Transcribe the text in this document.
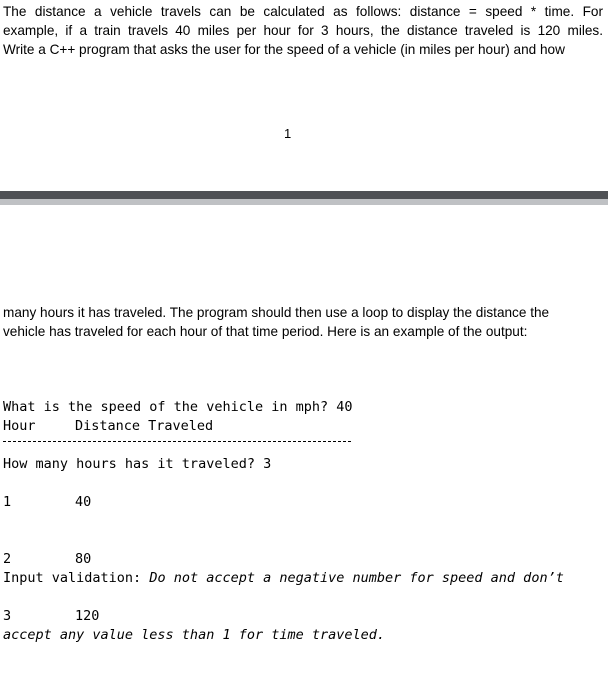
The distance a vehicle travels can be calculated as follows: distance = speed * time. For
example, if a train travels 40 miles per hour for 3 hours, the distance traveled is 120 miles.
Write a C++ program that asks the user for the speed of a vehicle (in miles per hour) and how

1

many hours it has traveled. The program should then use a loop to display the distance the
vehicle has traveled for each hour of that time period. Here is an example of the output:

What is the speed of the vehicle in mph? 40

How many hours has it traveled? 3

Hour	Distance Traveled

1

2

3

40

80

120

Input validation: Do not accept a negative number for speed and don’t

accept any value less than 1 for time traveled.
